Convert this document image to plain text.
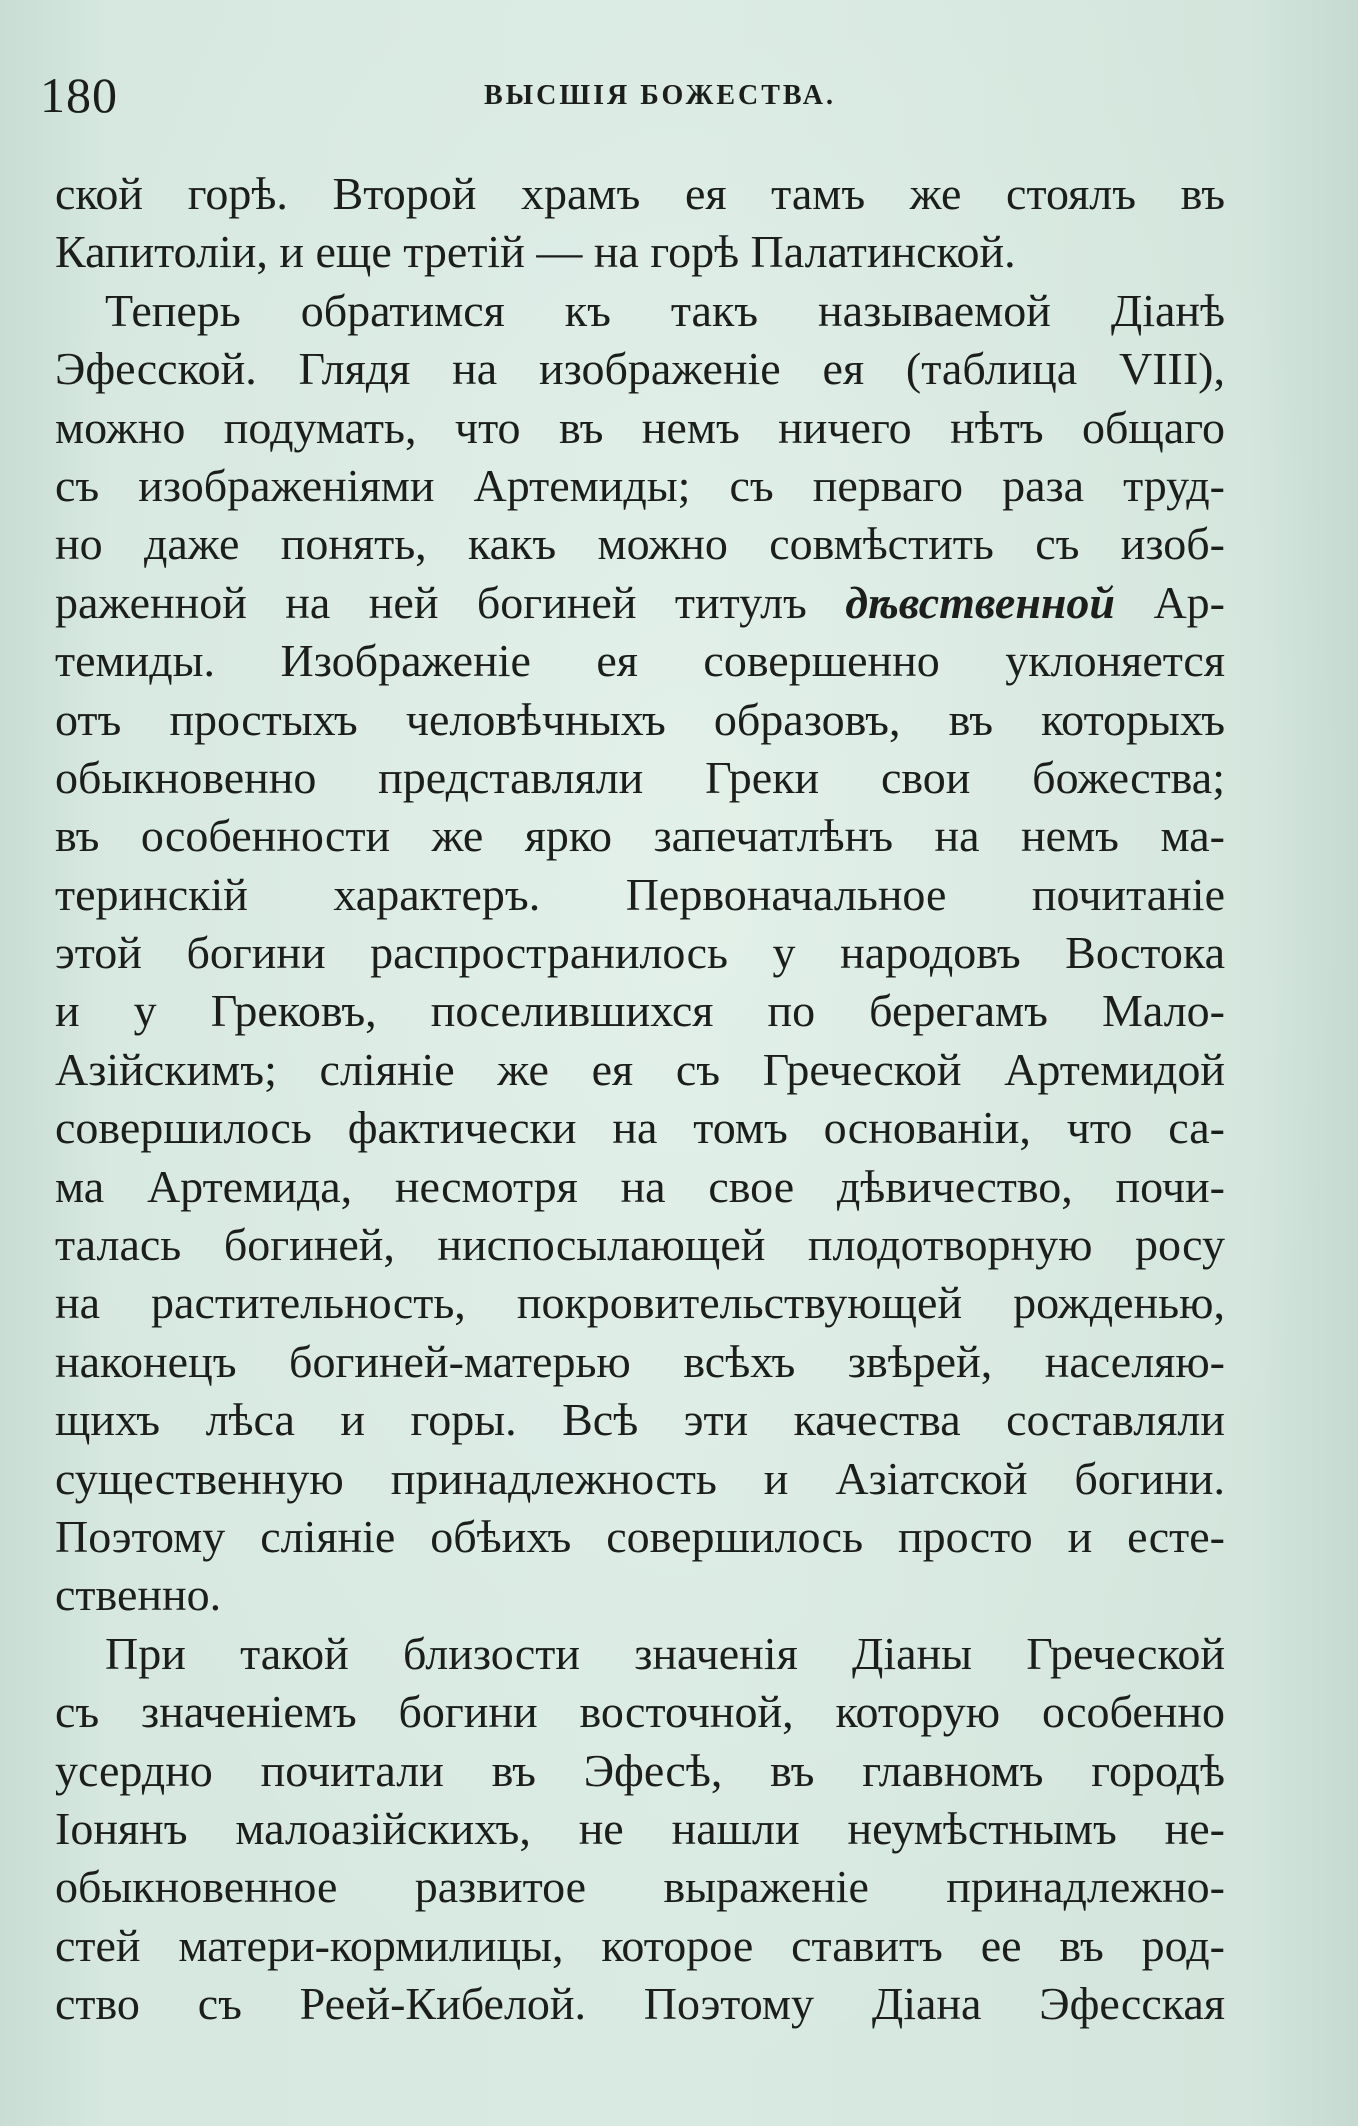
180	ВЫСШІЯ БОЖЕСТВА.
ской горѣ. Второй храмъ ея тамъ же стоялъ въ
Капитоліи, и еще третій — на горѣ Палатинской.
Теперь обратимся къ такъ называемой Діанѣ
Эфесской. Глядя на изображеніе ея (таблица VIII),
можно подумать, что въ немъ ничего нѣтъ общаго
съ изображеніями Артемиды; съ перваго раза труд-
но даже понять, какъ можно совмѣстить съ изоб-
раженной на ней богиней титулъ дѣвственной Ар-
темиды. Изображеніе ея совершенно уклоняется
отъ простыхъ человѣчныхъ образовъ, въ которыхъ
обыкновенно представляли Греки свои божества;
въ особенности же ярко запечатлѣнъ на немъ ма-
теринскій характеръ. Первоначальное почитаніе
этой богини распространилось у народовъ Востока
и у Грековъ, поселившихся по берегамъ Мало-
Азійскимъ; сліяніе же ея съ Греческой Артемидой
совершилось фактически на томъ основаніи, что са-
ма Артемида, несмотря на свое дѣвичество, почи-
талась богиней, ниспосылающей плодотворную росу
на растительность, покровительствующей рожденью,
наконецъ богиней-матерью всѣхъ звѣрей, населяю-
щихъ лѣса и горы. Всѣ эти качества составляли
существенную принадлежность и Азіатской богини.
Поэтому сліяніе обѣихъ совершилось просто и есте-
ственно.
При такой близости значенія Діаны Греческой
съ значеніемъ богини восточной, которую особенно
усердно почитали въ Эфесѣ, въ главномъ городѣ
Іонянъ малоазійскихъ, не нашли неумѣстнымъ не-
обыкновенное развитое выраженіе принадлежно-
стей матери-кормилицы, которое ставитъ ее въ род-
ство съ Реей-Кибелой. Поэтому Діана Эфесская
